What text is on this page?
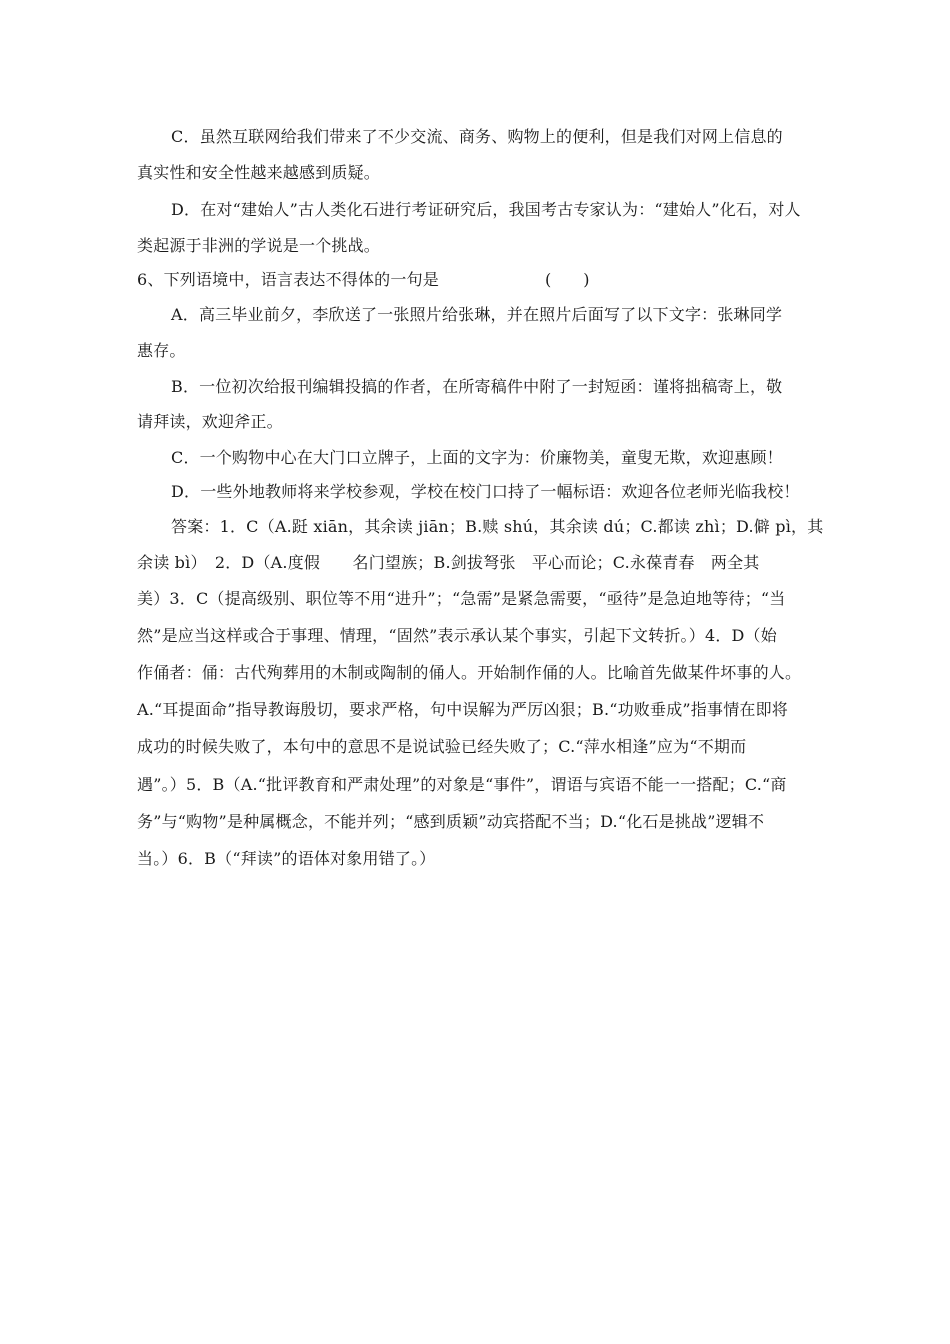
C．虽然互联网给我们带来了不少交流、商务、购物上的便利，但是我们对网上信息的
真实性和安全性越来越感到质疑。
D．在对“建始人”古人类化石进行考证研究后，我国考古专家认为：“建始人”化石，对人
类起源于非洲的学说是一个挑战。
6、下列语境中，语言表达不得体的一句是	(　　)
A．高三毕业前夕，李欣送了一张照片给张琳，并在照片后面写了以下文字：张琳同学
惠存。
B．一位初次给报刊编辑投搞的作者，在所寄稿件中附了一封短函：谨将拙稿寄上，敬
请拜读，欢迎斧正。
C．一个购物中心在大门口立牌子，上面的文字为：价廉物美，童叟无欺，欢迎惠顾！
D．一些外地教师将来学校参观，学校在校门口持了一幅标语：欢迎各位老师光临我校！
答案：1．C（A.跹 xiān，其余读 jiān；B.赎 shú，其余读 dú；C.都读 zhì；D.僻 pì，其
余读 bì）　2．D（A.度假　　名门望族；B.剑拔弩张　平心而论；C.永葆青春　两全其
美）3．C（提高级别、职位等不用“进升”；“急需”是紧急需要，“亟待”是急迫地等待；“当
然”是应当这样或合于事理、情理，“固然”表示承认某个事实，引起下文转折。）4．D（始
作俑者：俑：古代殉葬用的木制或陶制的俑人。开始制作俑的人。比喻首先做某件坏事的人。
A.“耳提面命”指导教诲殷切，要求严格，句中误解为严厉凶狠；B.“功败垂成”指事情在即将
成功的时候失败了，本句中的意思不是说试验已经失败了；C.“萍水相逢”应为“不期而
遇”。）5．B（A.“批评教育和严肃处理”的对象是“事件”，谓语与宾语不能一一搭配；C.“商
务”与“购物”是种属概念，不能并列；“感到质颖”动宾搭配不当；D.“化石是挑战”逻辑不
当。）6．B（“拜读”的语体对象用错了。）
